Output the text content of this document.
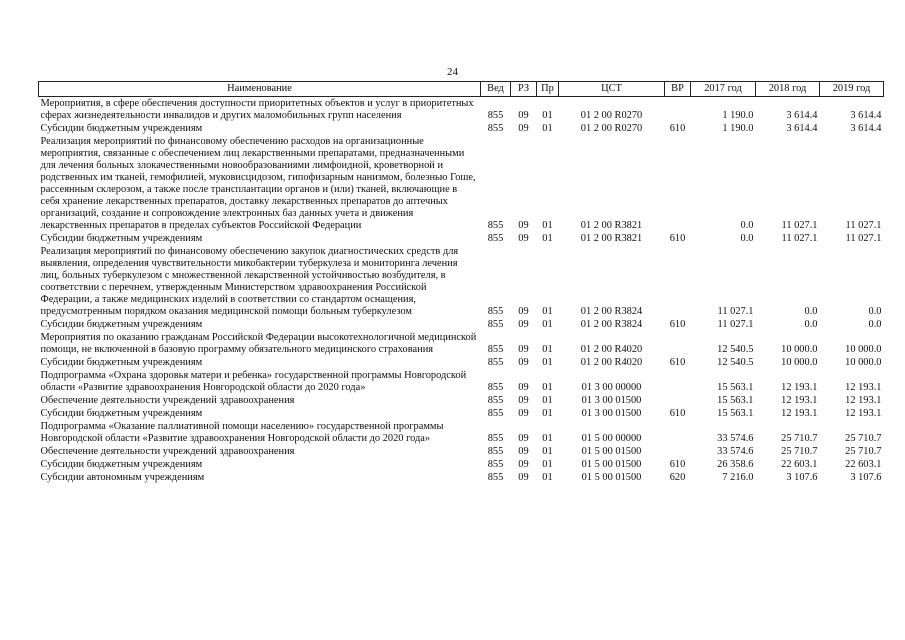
24
Наименование	Вед	РЗ	Пр	ЦСТ	ВР	2017 год	2018 год	2019 год
Мероприятия, в сфере обеспечения доступности приоритетных объектов и услуг в приоритетных сферах жизнедеятельности инвалидов и других маломобильных групп населения	855	09	01	01 2 00 R0270		1 190.0	3 614.4	3 614.4
Субсидии бюджетным учреждениям	855	09	01	01 2 00 R0270	610	1 190.0	3 614.4	3 614.4
Реализация мероприятий по финансовому обеспечению расходов на организационные мероприятия, связанные с обеспечением лиц лекарственными препаратами, предназначенными для лечения больных злокачественными новообразованиями лимфоидной, кроветворной и родственных им тканей, гемофилией, муковисцидозом, гипофизарным нанизмом, болезнью Гоше, рассеянным склерозом, а также после трансплантации органов и (или) тканей, включающие в себя хранение лекарственных препаратов, доставку лекарственных препаратов до аптечных организаций, создание и сопровождение электронных баз данных учета и движения лекарственных препаратов в пределах субъектов Российской Федерации	855	09	01	01 2 00 R3821		0.0	11 027.1	11 027.1
Субсидии бюджетным учреждениям	855	09	01	01 2 00 R3821	610	0.0	11 027.1	11 027.1
Реализация мероприятий по финансовому обеспечению закупок диагностических средств для выявления, определения чувствительности микобактерии туберкулеза и мониторинга лечения лиц, больных туберкулезом с множественной лекарственной устойчивостью возбудителя, в соответствии с перечнем, утвержденным Министерством здравоохранения Российской Федерации, а также медицинских изделий в соответствии со стандартом оснащения, предусмотренным порядком оказания медицинской помощи больным туберкулезом	855	09	01	01 2 00 R3824		11 027.1	0.0	0.0
Субсидии бюджетным учреждениям	855	09	01	01 2 00 R3824	610	11 027.1	0.0	0.0
Мероприятия по оказанию гражданам Российской Федерации высокотехнологичной медицинской помощи, не включенной в базовую программу обязательного медицинского страхования	855	09	01	01 2 00 R4020		12 540.5	10 000.0	10 000.0
Субсидии бюджетным учреждениям	855	09	01	01 2 00 R4020	610	12 540.5	10 000.0	10 000.0
Подпрограмма «Охрана здоровья матери и ребенка» государственной программы Новгородской области «Развитие здравоохранения Новгородской области до 2020 года»	855	09	01	01 3 00 00000		15 563.1	12 193.1	12 193.1
Обеспечение деятельности учреждений здравоохранения	855	09	01	01 3 00 01500		15 563.1	12 193.1	12 193.1
Субсидии бюджетным учреждениям	855	09	01	01 3 00 01500	610	15 563.1	12 193.1	12 193.1
Подпрограмма «Оказание паллиативной помощи населению» государственной программы Новгородской области «Развитие здравоохранения Новгородской области до 2020 года»	855	09	01	01 5 00 00000		33 574.6	25 710.7	25 710.7
Обеспечение деятельности учреждений здравоохранения	855	09	01	01 5 00 01500		33 574.6	25 710.7	25 710.7
Субсидии бюджетным учреждениям	855	09	01	01 5 00 01500	610	26 358.6	22 603.1	22 603.1
Субсидии автономным учреждениям	855	09	01	01 5 00 01500	620	7 216.0	3 107.6	3 107.6
